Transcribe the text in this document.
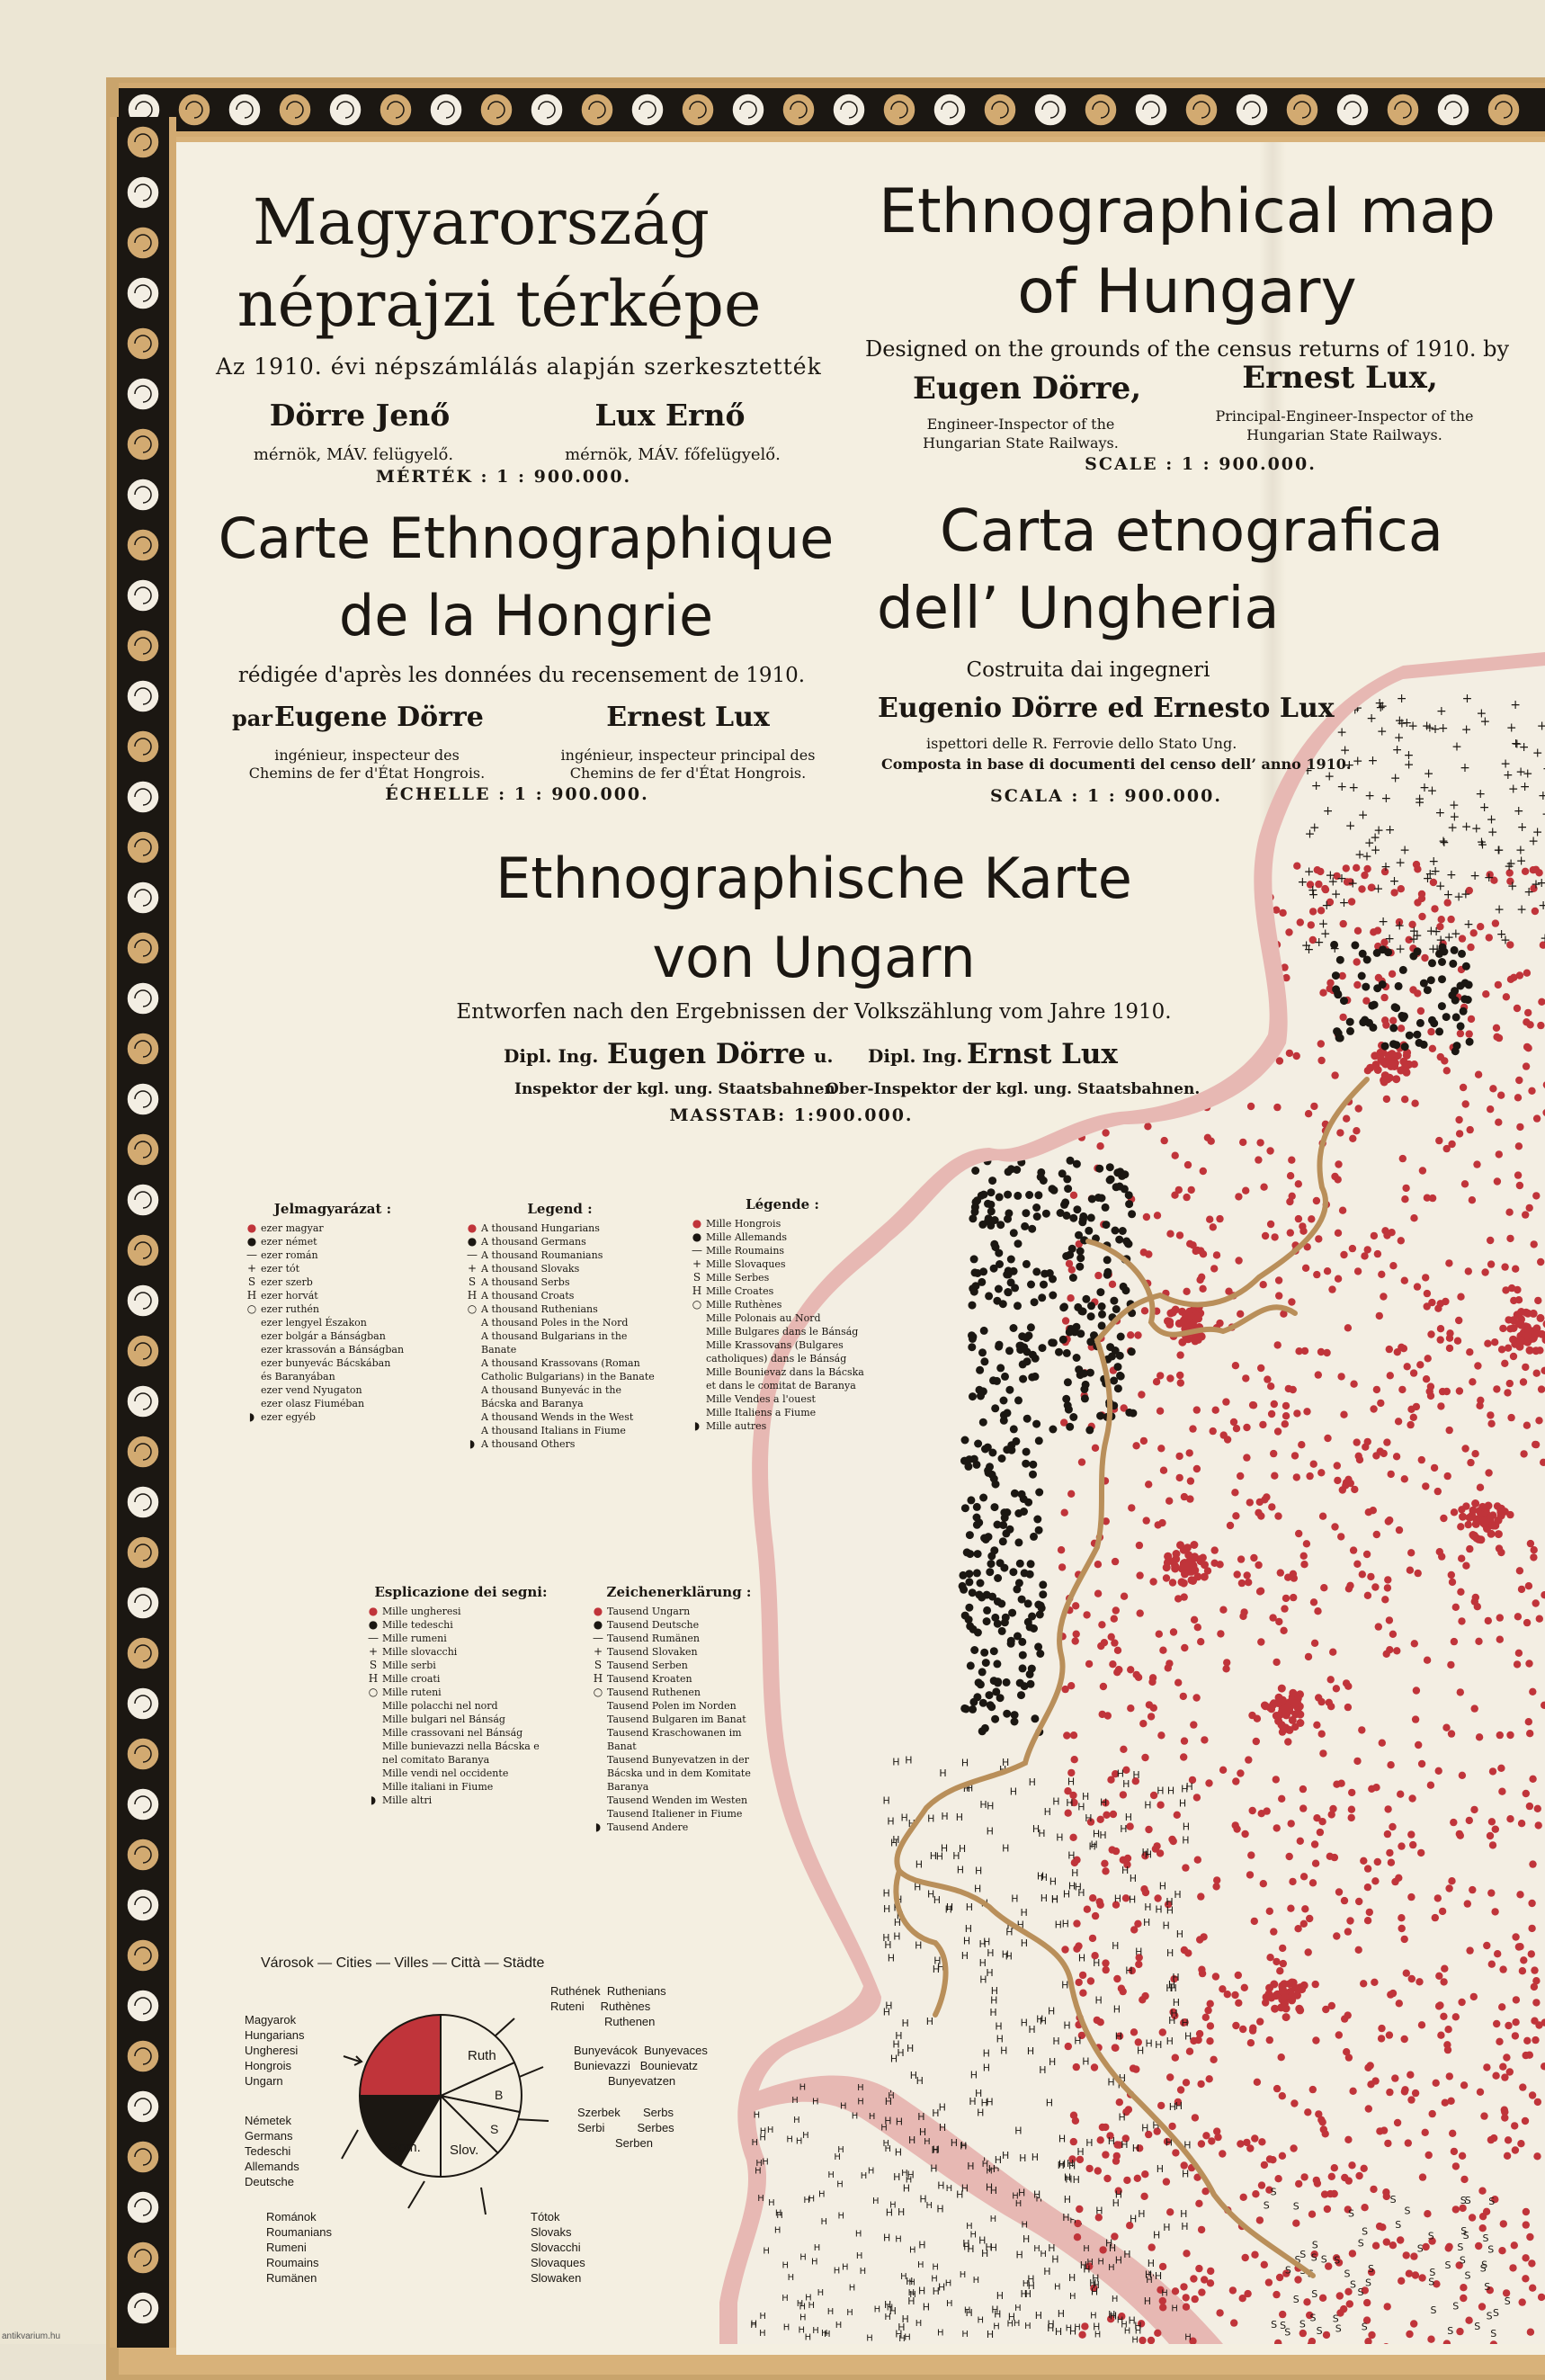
+
+
+
+
+
+
+
+
+
+	+
+
+
+
+
+
+
+
+
+
+
+
+
+
+
+
+
+
+
+
+
+
+
+
+
+
+
+
+
+
+
+
+
+
+	+
+
+
+
+
+
+
+
+
+
+	+
+
+
+
+
+
+
+
+
+
+
+	+
+
+
+
+
+
+
+
+
+
+
+
+
+
+
+
+
+
+
+
+
+
+
+
+
+
+
+
+
+
+
+
+
+
+
+
+
+
+
+
+
+
+
+
+
+
+
+
+
+
+
+
+
+
+
+
+
+
+
+
+
+
+
+
+
+
+
+
+
+
+
+
+
+
+
+
+
+
+
+
+
+
+
+
+
+
H
H
H
H
H
H
H
H
H
H
H
H
H
H
H
H	H
H
H
H
H
H
H
H
H
H
H
H
H
H
H
H
H
H
H
H
H
H
H
H
H
H
H
H	H
H
H
H
H
H
H
H
H
H
H
H
H
H
H
H
H
H
H
H
H
H
H
H
H
H
H
H
H
H
H
H
H
H
H
H
H
H
H
H
H
H
H
H
H
H
H
H
H
H
H
H H
H
H
H
H
H
H
H
H
H
H
H
H
H
H
H
H
H
H
H
H
H
H
H
H
H
H
H
H
H
H
H
H
H
H
H
H
H
H
H
H
H
H
H
H
H
H
H
H
H
H
H
H
H
H
H
H
H
H
H
H
H
H
H
H
H
H
H
H
H
H
H
H
H
H
H
H
H
H
H
H
H
H
H
H
H
H
H
H
H
H
H
H
H
H
H
H
H
H
H
H
H
H
H
H
H
H
H
H
H
H
H
H
H
H
H
H
H
H
H
H
H
H
H
H
H
H
H
H
H
H
H
H
H
H
H
H
H
H
H
H
H
H
H
H
H
H
H
H
H
H
H
H
H
H
H
H
H
H
H
H
H
H
H
H
H
H
H
H
H
H
H
H
H
H
H
H
H
H
H
H
H
H
H
H
H
H
H
H
H
H
H
H
H	H
H
H
H
H
H
H
H
H
H
H
H
H
H
H
H
H
H
H
H
H
H
H
H
H
H
H
H
H
H
S
S
S
S
S
S
S
S	S
S
S
S
S
S	S
S
S
S
S
S
S
S
S
S
S
S
S
S
S
S
S
S	S
S
S
S
S
S
S S
S
S	S
S
S
S
S
S
S
S
S
S
S
S
S
S
S
S
S
S
H
H
H
H
H
H
H
H
H
H
H
H
H
H
H
H
H
H
H
H
H	H
H
H
H
H
H
H
H
H
H
H
H
H
H	H
H
H
H
H
H
H
H
H
H
H
H
H H
H
H
H
H
H
H
H
H	H
H
H
H
H
H
H
H
H
H
H
H
H
H
H
H
H
H
H
H
H
H
H
H
H
H
H
H
H
H
H
H
H
H
H
H
H
H
H
H
H
H
H
H
H
H
H
H
H
H
H
H
H
H
H
H
H
H
H
H
H
H
H
H
H
H
H
H	H
H
H
H
H
H
H
H
H
H
H
H
H
H
H
H
H
H
H
H
Magyarország
néprajzi térképe
Az 1910. évi népszámlálás alapján szerkesztették
Dörre Jenő
mérnök, MÁV. felügyelő.
Lux Ernő
mérnök, MÁV. főfelügyelő.
MÉRTÉK : 1 : 900.000.
Ethnographical map
of Hungary
Designed on the grounds of the census returns of 1910. by
Eugen Dörre,
Engineer-Inspector of the
Hungarian State Railways.
Ernest Lux,
Principal-Engineer-Inspector of the
Hungarian State Railways.
SCALE : 1 : 900.000.
Carte Ethnographique
de la Hongrie
rédigée d'après les données du recensement de 1910.
par Eugene Dörre
ingénieur, inspecteur des
Chemins de fer d'État Hongrois.
Ernest Lux
ingénieur, inspecteur principal des
Chemins de fer d'État Hongrois.
ÉCHELLE : 1 : 900.000.
Carta etnografica
dell’ Ungheria
Costruita dai ingegneri
Eugenio Dörre ed Ernesto Lux
ispettori delle R. Ferrovie dello Stato Ung.
Composta in base di documenti del censo dell’ anno 1910.
SCALA : 1 : 900.000.
Ethnographische Karte
von Ungarn
Entworfen nach den Ergebnissen der Volkszählung vom Jahre 1910.
Dipl. Ing. Eugen Dörre u. Dipl. Ing. Ernst Lux
Inspektor der kgl. ung. Staatsbahnen
Ober-Inspektor der kgl. ung. Staatsbahnen.
MASSTAB: 1:900.000.
Jelmagyarázat :
● ezer magyar
● ezer német
— ezer román
+ ezer tót
S ezer szerb
H ezer horvát
○ ezer ruthén
ezer lengyel Északon
ezer bolgár a Bánságban
ezer krassován a Bánságban
ezer bunyevác Bácskában
és Baranyában
ezer vend Nyugaton
ezer olasz Fiuméban
◗ ezer egyéb
Legend :
● A thousand Hungarians
● A thousand Germans
— A thousand Roumanians
+ A thousand Slovaks
S A thousand Serbs
H A thousand Croats
○ A thousand Ruthenians
A thousand Poles in the Nord
A thousand Bulgarians in the Banate
A thousand Krassovans (Roman Catholic Bulgarians) in the Banate
A thousand Bunyevác in the Bácska and Baranya
A thousand Wends in the West
A thousand Italians in Fiume
◗ A thousand Others
Légende :
● Mille Hongrois
● Mille Allemands
— Mille Roumains
+ Mille Slovaques
S Mille Serbes
H Mille Croates
○ Mille Ruthènes
Mille Polonais au Nord
Mille Bulgares dans le Bánság
Mille Krassovans (Bulgares catholiques) dans le Bánság
Mille Bounievaz dans la Bácska et dans le comitat de Baranya
Mille Vendes a l'ouest
Mille Italiens a Fiume
◗ Mille autres
Esplicazione dei segni:
● Mille ungheresi
● Mille tedeschi
— Mille rumeni
+ Mille slovacchi
S Mille serbi
H Mille croati
○ Mille ruteni
Mille polacchi nel nord
Mille bulgari nel Bánság
Mille crassovani nel Bánság
Mille bunievazzi nella Bácska e nel comitato Baranya
Mille vendi nel occidente
Mille italiani in Fiume
◗ Mille altri
Zeichenerklärung :
● Tausend Ungarn
● Tausend Deutsche
— Tausend Rumänen
+ Tausend Slovaken
S Tausend Serben
H Tausend Kroaten
○ Tausend Ruthenen
Tausend Polen im Norden
Tausend Bulgaren im Banat
Tausend Kraschowanen im Banat
Tausend Bunyevatzen in der Bácska und in dem Komitate Baranya
Tausend Wenden im Westen
Tausend Italiener in Fiume
◗ Tausend Andere
Városok — Cities — Villes — Città — Städte
Magyarok
Hungarians
Ungheresi
Hongrois
Ungarn
Németek
Germans
Tedeschi
Allemands
Deutsche
Románok
Roumanians
Rumeni
Roumains
Rumänen
Ruthének Ruthenians
Ruteni Ruthènes
Ruthenen
Bunyevácok Bunyevaces
Bunievazzi Bounievatz
Bunyevatzen
Szerbek Serbs
Serbi	Serbes
Serben
Tótok
Slovaks
Slovacchi
Slovaques
Slowaken
Ruth
B
S
Slov.
Rom.
antikvarium.hu
